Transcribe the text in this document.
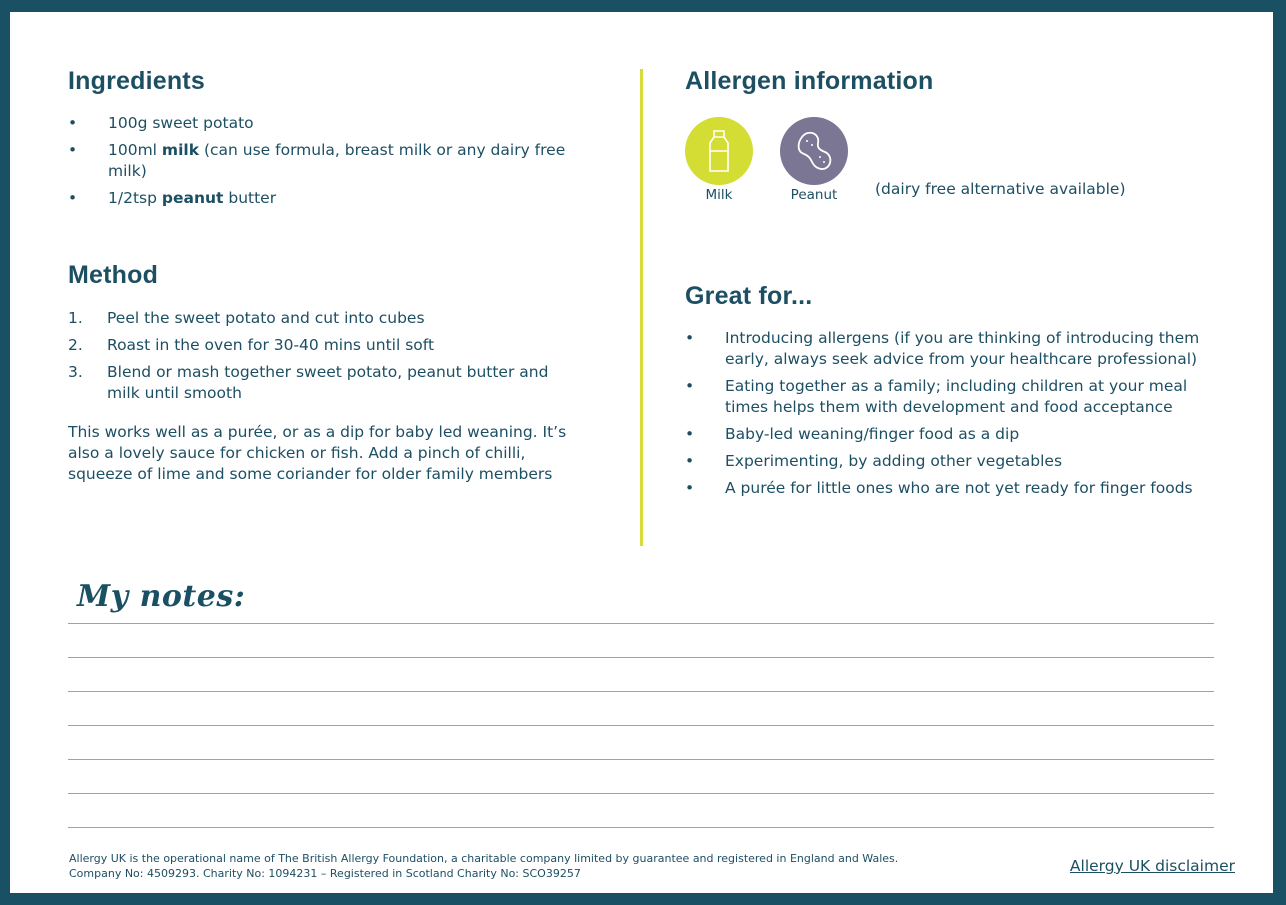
Ingredients
• 100g sweet potato
• 100ml milk (can use formula, breast milk or any dairy free milk)
• 1/2tsp peanut butter
Method
1. Peel the sweet potato and cut into cubes
2. Roast in the oven for 30-40 mins until soft
3. Blend or mash together sweet potato, peanut butter and milk until smooth

This works well as a purée, or as a dip for baby led weaning. It’s also a lovely sauce for chicken or fish. Add a pinch of chilli, squeeze of lime and some coriander for older family members

Allergen information
Milk	Peanut	(dairy free alternative available)

Great for...
• Introducing allergens (if you are thinking of introducing them early, always seek advice from your healthcare professional)
• Eating together as a family; including children at your meal times helps them with development and food acceptance
• Baby-led weaning/finger food as a dip
• Experimenting, by adding other vegetables
• A purée for little ones who are not yet ready for finger foods
My notes:
Allergy UK is the operational name of The British Allergy Foundation, a charitable company limited by guarantee and registered in England and Wales.
Company No: 4509293. Charity No: 1094231 – Registered in Scotland Charity No: SCO39257	Allergy UK disclaimer
